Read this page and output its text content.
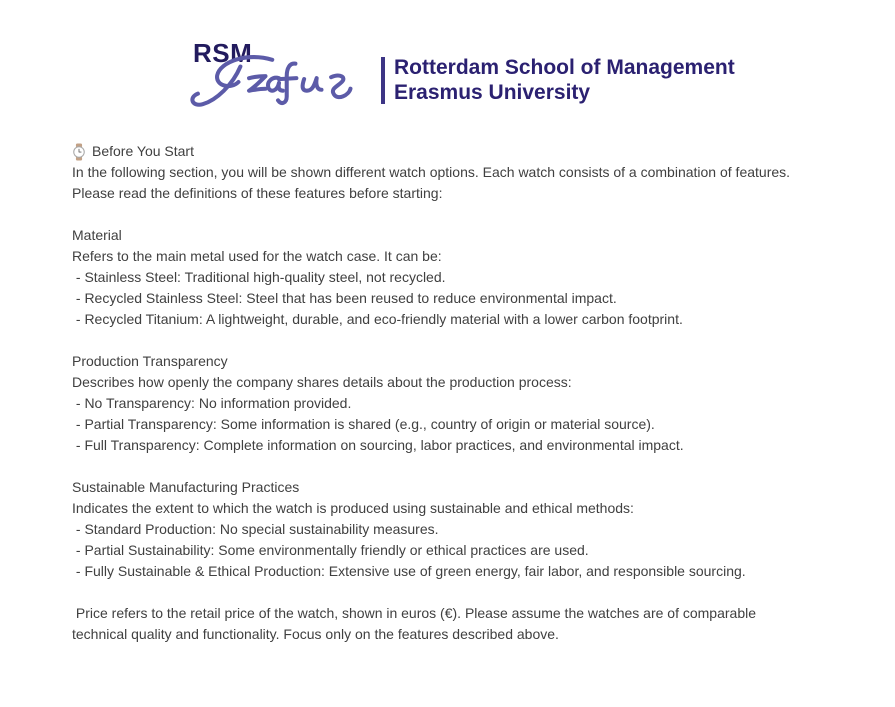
RSM	Rotterdam School of Management
Erasmus University
Before You Start
In the following section, you will be shown different watch options. Each watch consists of a combination of features.
Please read the definitions of these features before starting:
Material
Refers to the main metal used for the watch case. It can be:
- Stainless Steel: Traditional high-quality steel, not recycled.
- Recycled Stainless Steel: Steel that has been reused to reduce environmental impact.
- Recycled Titanium: A lightweight, durable, and eco-friendly material with a lower carbon footprint.
Production Transparency
Describes how openly the company shares details about the production process:
- No Transparency: No information provided.
- Partial Transparency: Some information is shared (e.g., country of origin or material source).
- Full Transparency: Complete information on sourcing, labor practices, and environmental impact.
Sustainable Manufacturing Practices
Indicates the extent to which the watch is produced using sustainable and ethical methods:
- Standard Production: No special sustainability measures.
- Partial Sustainability: Some environmentally friendly or ethical practices are used.
- Fully Sustainable & Ethical Production: Extensive use of green energy, fair labor, and responsible sourcing.
Price refers to the retail price of the watch, shown in euros (€). Please assume the watches are of comparable
technical quality and functionality. Focus only on the features described above.
